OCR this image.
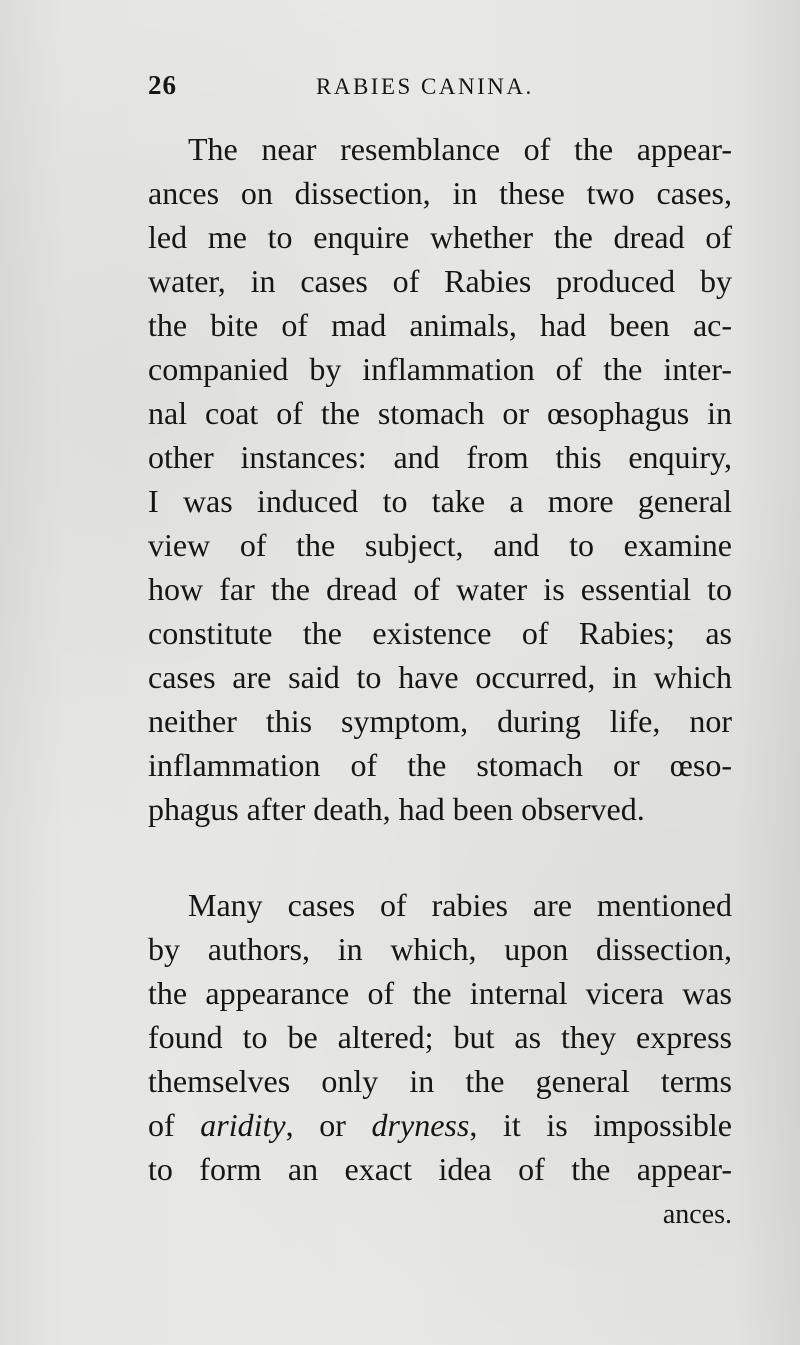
26	RABIES CANINA.
The near resemblance of the appear-
ances on dissection, in these two cases,
led me to enquire whether the dread of
water, in cases of Rabies produced by
the bite of mad animals, had been ac-
companied by inflammation of the inter-
nal coat of the stomach or œsophagus in
other instances: and from this enquiry,
I was induced to take a more general
view of the subject, and to examine
how far the dread of water is essential to
constitute the existence of Rabies; as
cases are said to have occurred, in which
neither this symptom, during life, nor
inflammation of the stomach or œso-
phagus after death, had been observed.
Many cases of rabies are mentioned
by authors, in which, upon dissection,
the appearance of the internal vicera was
found to be altered; but as they express
themselves only in the general terms
of aridity, or dryness, it is impossible
to form an exact idea of the appear-
ances.
